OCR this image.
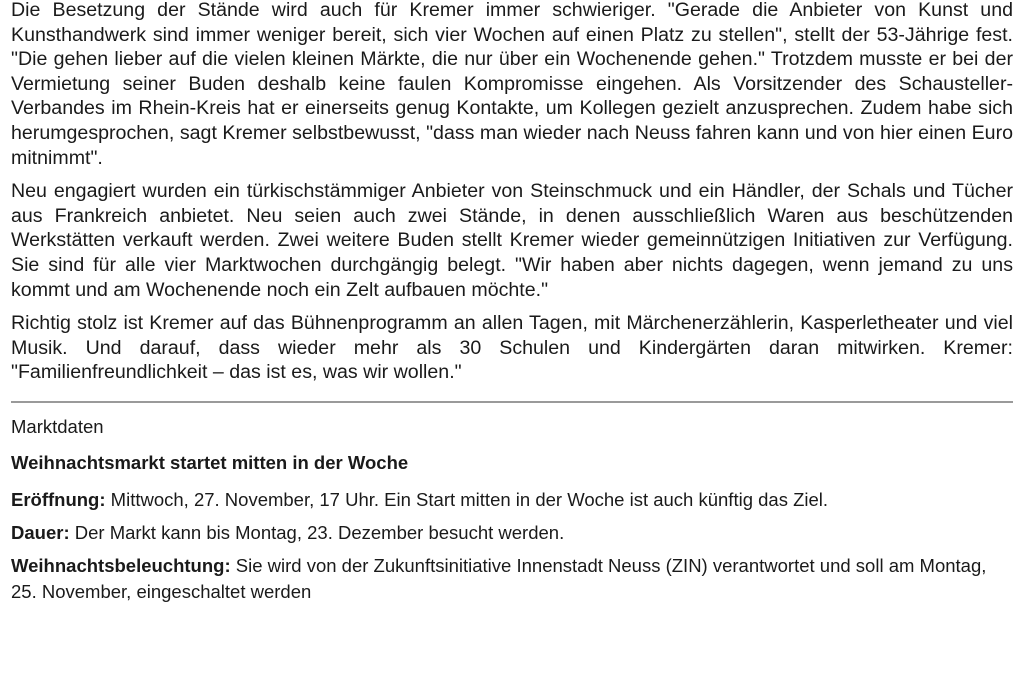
Die Besetzung der Stände wird auch für Kremer immer schwieriger. "Gerade die Anbieter von Kunst und Kunsthandwerk sind immer weniger bereit, sich vier Wochen auf einen Platz zu stellen", stellt der 53-Jährige fest. "Die gehen lieber auf die vielen kleinen Märkte, die nur über ein Wochenende gehen." Trotzdem musste er bei der Vermietung seiner Buden deshalb keine faulen Kompromisse eingehen. Als Vorsitzender des Schausteller-Verbandes im Rhein-Kreis hat er einerseits genug Kontakte, um Kollegen gezielt anzusprechen. Zudem habe sich herumgesprochen, sagt Kremer selbstbewusst, "dass man wieder nach Neuss fahren kann und von hier einen Euro mitnimmt".

Neu engagiert wurden ein türkischstämmiger Anbieter von Steinschmuck und ein Händler, der Schals und Tücher aus Frankreich anbietet. Neu seien auch zwei Stände, in denen ausschließlich Waren aus beschützenden Werkstätten verkauft werden. Zwei weitere Buden stellt Kremer wieder gemeinnützigen Initiativen zur Verfügung. Sie sind für alle vier Marktwochen durchgängig belegt. "Wir haben aber nichts dagegen, wenn jemand zu uns kommt und am Wochenende noch ein Zelt aufbauen möchte."

Richtig stolz ist Kremer auf das Bühnenprogramm an allen Tagen, mit Märchenerzählerin, Kasperletheater und viel Musik. Und darauf, dass wieder mehr als 30 Schulen und Kindergärten daran mitwirken. Kremer: "Familienfreundlichkeit – das ist es, was wir wollen."

Marktdaten
Weihnachtsmarkt startet mitten in der Woche
Eröffnung: Mittwoch, 27. November, 17 Uhr. Ein Start mitten in der Woche ist auch künftig das Ziel.
Dauer: Der Markt kann bis Montag, 23. Dezember besucht werden.
Weihnachtsbeleuchtung: Sie wird von der Zukunftsinitiative Innenstadt Neuss (ZIN) verantwortet und soll am Montag, 25. November, eingeschaltet werden
